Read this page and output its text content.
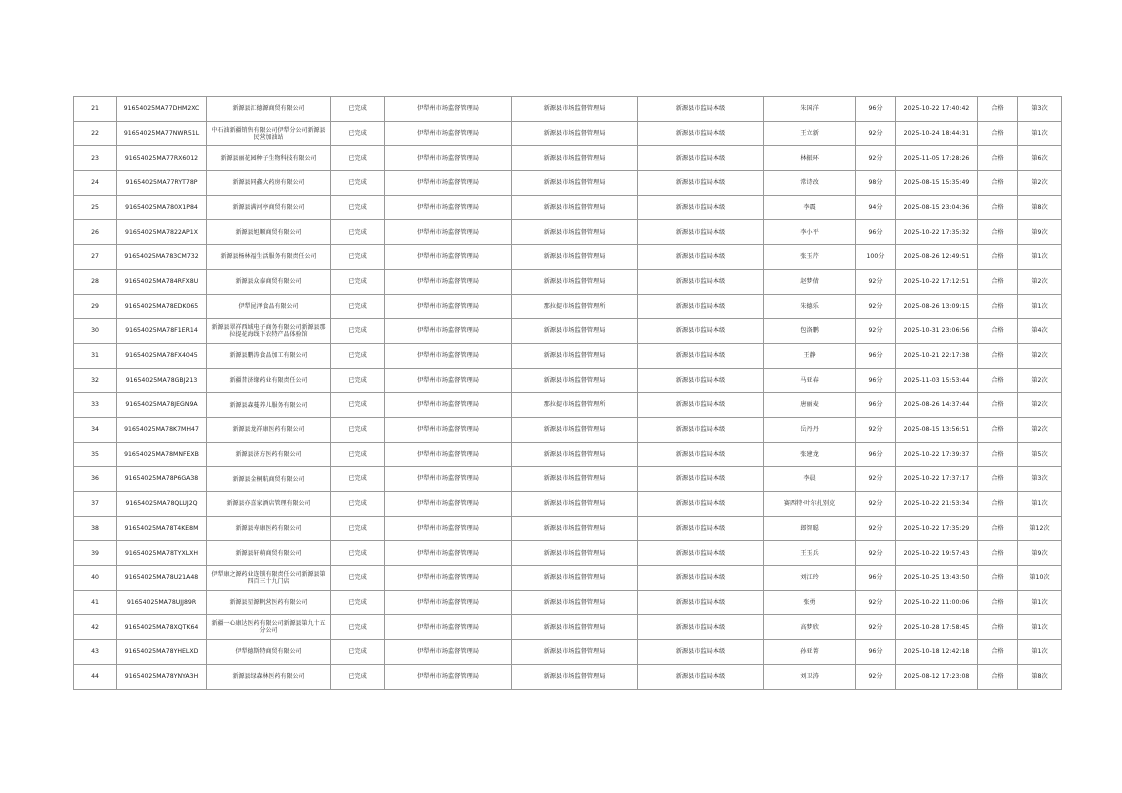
21	91654025MA77DHM2XC	新源县汇德源商贸有限公司	已完成	伊犁州市场监督管理局	新源县市场监督管理局	新源县市监局本级	朱国洋	96分	2025-10-22 17:40:42	合格	第3次
22	91654025MA77NWR51L	中石油新疆销售有限公司伊犁分公司新源县民营加油站	已完成	伊犁州市场监督管理局	新源县市场监督管理局	新源县市监局本级	王立新	92分	2025-10-24 18:44:31	合格	第1次
23	91654025MA77RX6012	新源县丽花园种子生物科技有限公司	已完成	伊犁州市场监督管理局	新源县市场监督管理局	新源县市监局本级	林振环	92分	2025-11-05 17:28:26	合格	第6次
24	91654025MA77RYT78P	新源县同鑫大药房有限公司	已完成	伊犁州市场监督管理局	新源县市场监督管理局	新源县市监局本级	常诗改	98分	2025-08-15 15:35:49	合格	第2次
25	91654025MA780X1P84	新源县满河亭商贸有限公司	已完成	伊犁州市场监督管理局	新源县市场监督管理局	新源县市监局本级	李震	94分	2025-08-15 23:04:36	合格	第8次
26	91654025MA7822AP1X	新源县旭顺商贸有限公司	已完成	伊犁州市场监督管理局	新源县市场监督管理局	新源县市监局本级	李小平	96分	2025-10-22 17:35:32	合格	第9次
27	91654025MA783CM732	新源县杨林福生活服务有限责任公司	已完成	伊犁州市场监督管理局	新源县市场监督管理局	新源县市监局本级	张玉芹	100分	2025-08-26 12:49:51	合格	第1次
28	91654025MA784RFX8U	新源县众泰商贸有限公司	已完成	伊犁州市场监督管理局	新源县市场监督管理局	新源县市监局本级	赵梦倩	92分	2025-10-22 17:12:51	合格	第2次
29	91654025MA78EDK065	伊犁昆泽食品有限公司	已完成	伊犁州市场监督管理局	那拉提市场监督管理所	新源县市监局本级	朱德乐	92分	2025-08-26 13:09:15	合格	第1次
30	91654025MA78F1ER14	新源县翠祥西域电子商务有限公司新源县那拉提花海线下农特产品体验馆	已完成	伊犁州市场监督管理局	新源县市场监督管理局	新源县市监局本级	包洛鹏	92分	2025-10-31 23:06:56	合格	第4次
31	91654025MA78FX4045	新源县鹏涛食品加工有限公司	已完成	伊犁州市场监督管理局	新源县市场监督管理局	新源县市监局本级	王静	96分	2025-10-21 22:17:38	合格	第2次
32	91654025MA78GBJ213	新疆昔济缘药业有限责任公司	已完成	伊犁州市场监督管理局	新源县市场监督管理局	新源县市监局本级	马亚春	96分	2025-11-03 15:53:44	合格	第2次
33	91654025MA78JEGN9A	新源县森蔓养儿服务有限公司	已完成	伊犁州市场监督管理局	那拉提市场监督管理所	新源县市监局本级	唐丽麦	96分	2025-08-26 14:37:44	合格	第2次
34	91654025MA78K7MH47	新源县龙祥康医药有限公司	已完成	伊犁州市场监督管理局	新源县市场监督管理局	新源县市监局本级	岳丹丹	92分	2025-08-15 13:56:51	合格	第2次
35	91654025MA78MNFEXB	新源县济方医药有限公司	已完成	伊犁州市场监督管理局	新源县市场监督管理局	新源县市监局本级	张建龙	96分	2025-10-22 17:39:37	合格	第5次
36	91654025MA78P6GA38	新源县金桐航商贸有限公司	已完成	伊犁州市场监督管理局	新源县市场监督管理局	新源县市监局本级	李晨	92分	2025-10-22 17:37:17	合格	第3次
37	91654025MA78QLUJ2Q	新源县亦喜家酒店管理有限公司	已完成	伊犁州市场监督管理局	新源县市场监督管理局	新源县市监局本级	赛西特·叶尔扎别克	92分	2025-10-22 21:53:34	合格	第1次
38	91654025MA78T4KE8M	新源县寿康医药有限公司	已完成	伊犁州市场监督管理局	新源县市场监督管理局	新源县市监局本级	郎智聪	92分	2025-10-22 17:35:29	合格	第12次
39	91654025MA78TYXLXH	新源县轩萌商贸有限公司	已完成	伊犁州市场监督管理局	新源县市场监督管理局	新源县市监局本级	王玉兵	92分	2025-10-22 19:57:43	合格	第9次
40	91654025MA78U21A48	伊犁康之源药业连锁有限责任公司新源县第四百三十九门店	已完成	伊犁州市场监督管理局	新源县市场监督管理局	新源县市监局本级	刘江玲	96分	2025-10-25 13:43:50	合格	第10次
41	91654025MA78UJJ89R	新源县星源帆营医药有限公司	已完成	伊犁州市场监督管理局	新源县市场监督管理局	新源县市监局本级	张勇	92分	2025-10-22 11:00:06	合格	第1次
42	91654025MA78XQTK64	新疆一心康达医药有限公司新源县第九十五分公司	已完成	伊犁州市场监督管理局	新源县市场监督管理局	新源县市监局本级	高梦欣	92分	2025-10-28 17:58:45	合格	第1次
43	91654025MA78YHELXD	伊犁德斯特商贸有限公司	已完成	伊犁州市场监督管理局	新源县市场监督管理局	新源县市监局本级	孙亚菁	96分	2025-10-18 12:42:18	合格	第1次
44	91654025MA78YNYA3H	新源县绿森林医药有限公司	已完成	伊犁州市场监督管理局	新源县市场监督管理局	新源县市监局本级	刘卫涛	92分	2025-08-12 17:23:08	合格	第8次
